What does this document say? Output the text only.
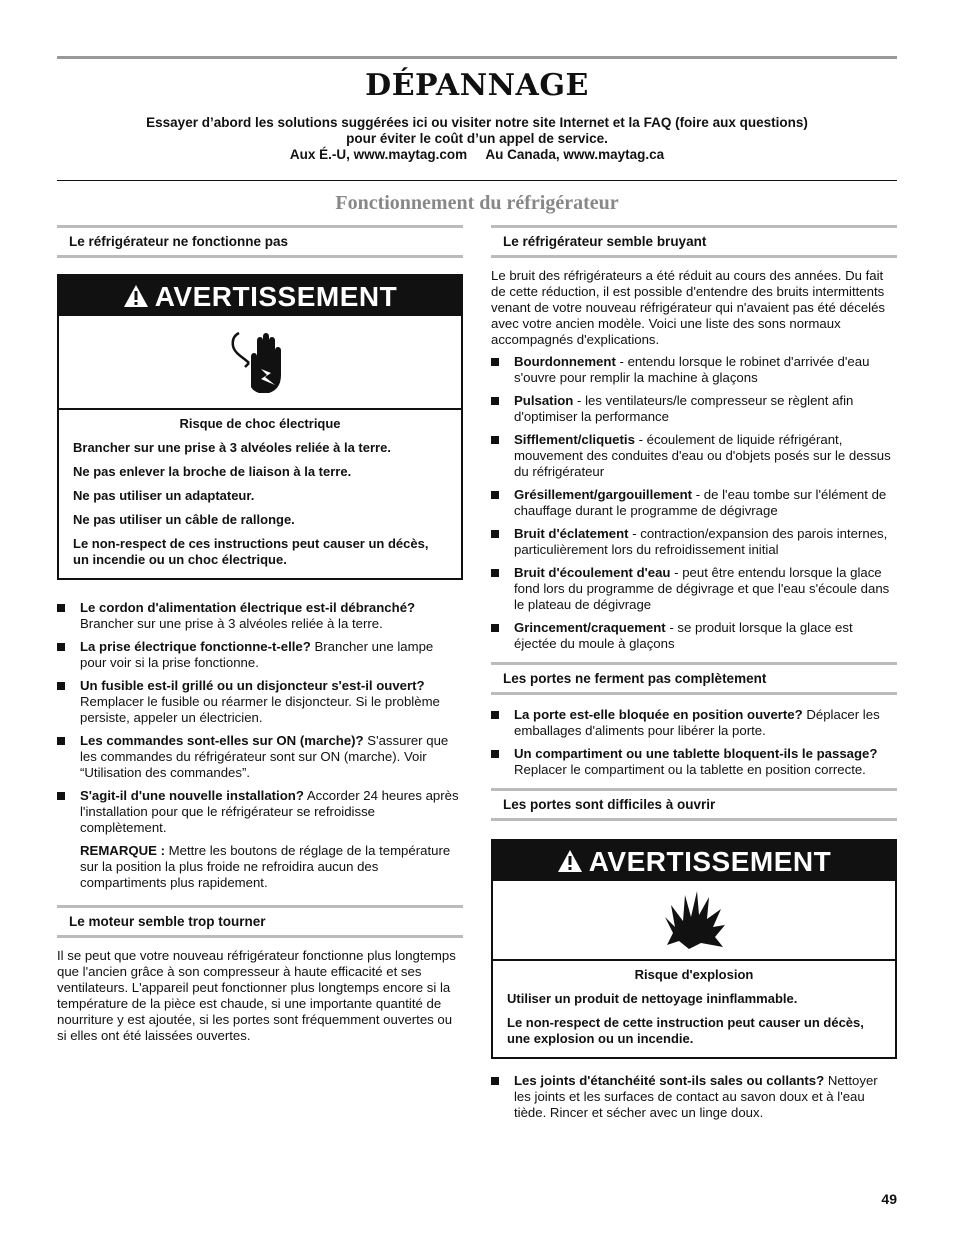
DÉPANNAGE
Essayer d’abord les solutions suggérées ici ou visiter notre site Internet et la FAQ (foire aux questions)
pour éviter le coût d’un appel de service.
Aux É.-U, www.maytag.com     Au Canada, www.maytag.ca
Fonctionnement du réfrigérateur
Le réfrigérateur ne fonctionne pas
AVERTISSEMENT

Risque de choc électrique

Brancher sur une prise à 3 alvéoles reliée à la terre.

Ne pas enlever la broche de liaison à la terre.

Ne pas utiliser un adaptateur.

Ne pas utiliser un câble de rallonge.

Le non-respect de ces instructions peut causer un décès, un incendie ou un choc électrique.

Le cordon d'alimentation électrique est-il débranché? Brancher sur une prise à 3 alvéoles reliée à la terre.
La prise électrique fonctionne-t-elle? Brancher une lampe pour voir si la prise fonctionne.
Un fusible est-il grillé ou un disjoncteur s'est-il ouvert? Remplacer le fusible ou réarmer le disjoncteur. Si le problème persiste, appeler un électricien.
Les commandes sont-elles sur ON (marche)? S'assurer que les commandes du réfrigérateur sont sur ON (marche). Voir “Utilisation des commandes”.
S'agit-il d'une nouvelle installation? Accorder 24 heures après l'installation pour que le réfrigérateur se refroidisse complètement.
REMARQUE : Mettre les boutons de réglage de la température sur la position la plus froide ne refroidira aucun des compartiments plus rapidement.
Le moteur semble trop tourner

Il se peut que votre nouveau réfrigérateur fonctionne plus longtemps que l'ancien grâce à son compresseur à haute efficacité et ses ventilateurs. L'appareil peut fonctionner plus longtemps encore si la température de la pièce est chaude, si une importante quantité de nourriture y est ajoutée, si les portes sont fréquemment ouvertes ou si elles ont été laissées ouvertes.

Le réfrigérateur semble bruyant

Le bruit des réfrigérateurs a été réduit au cours des années. Du fait de cette réduction, il est possible d'entendre des bruits intermittents venant de votre nouveau réfrigérateur qui n'avaient pas été décelés avec votre ancien modèle. Voici une liste des sons normaux accompagnés d'explications.

Bourdonnement - entendu lorsque le robinet d'arrivée d'eau s'ouvre pour remplir la machine à glaçons
Pulsation - les ventilateurs/le compresseur se règlent afin d'optimiser la performance
Sifflement/cliquetis - écoulement de liquide réfrigérant, mouvement des conduites d'eau ou d'objets posés sur le dessus du réfrigérateur
Grésillement/gargouillement - de l'eau tombe sur l'élément de chauffage durant le programme de dégivrage
Bruit d'éclatement - contraction/expansion des parois internes, particulièrement lors du refroidissement initial
Bruit d'écoulement d'eau - peut être entendu lorsque la glace fond lors du programme de dégivrage et que l'eau s'écoule dans le plateau de dégivrage
Grincement/craquement - se produit lorsque la glace est éjectée du moule à glaçons
Les portes ne ferment pas complètement
La porte est-elle bloquée en position ouverte? Déplacer les emballages d'aliments pour libérer la porte.
Un compartiment ou une tablette bloquent-ils le passage? Replacer le compartiment ou la tablette en position correcte.
Les portes sont difficiles à ouvrir
AVERTISSEMENT

Risque d'explosion

Utiliser un produit de nettoyage ininflammable.

Le non-respect de cette instruction peut causer un décès, une explosion ou un incendie.

Les joints d'étanchéité sont-ils sales ou collants? Nettoyer les joints et les surfaces de contact au savon doux et à l'eau tiède. Rincer et sécher avec un linge doux.
49
